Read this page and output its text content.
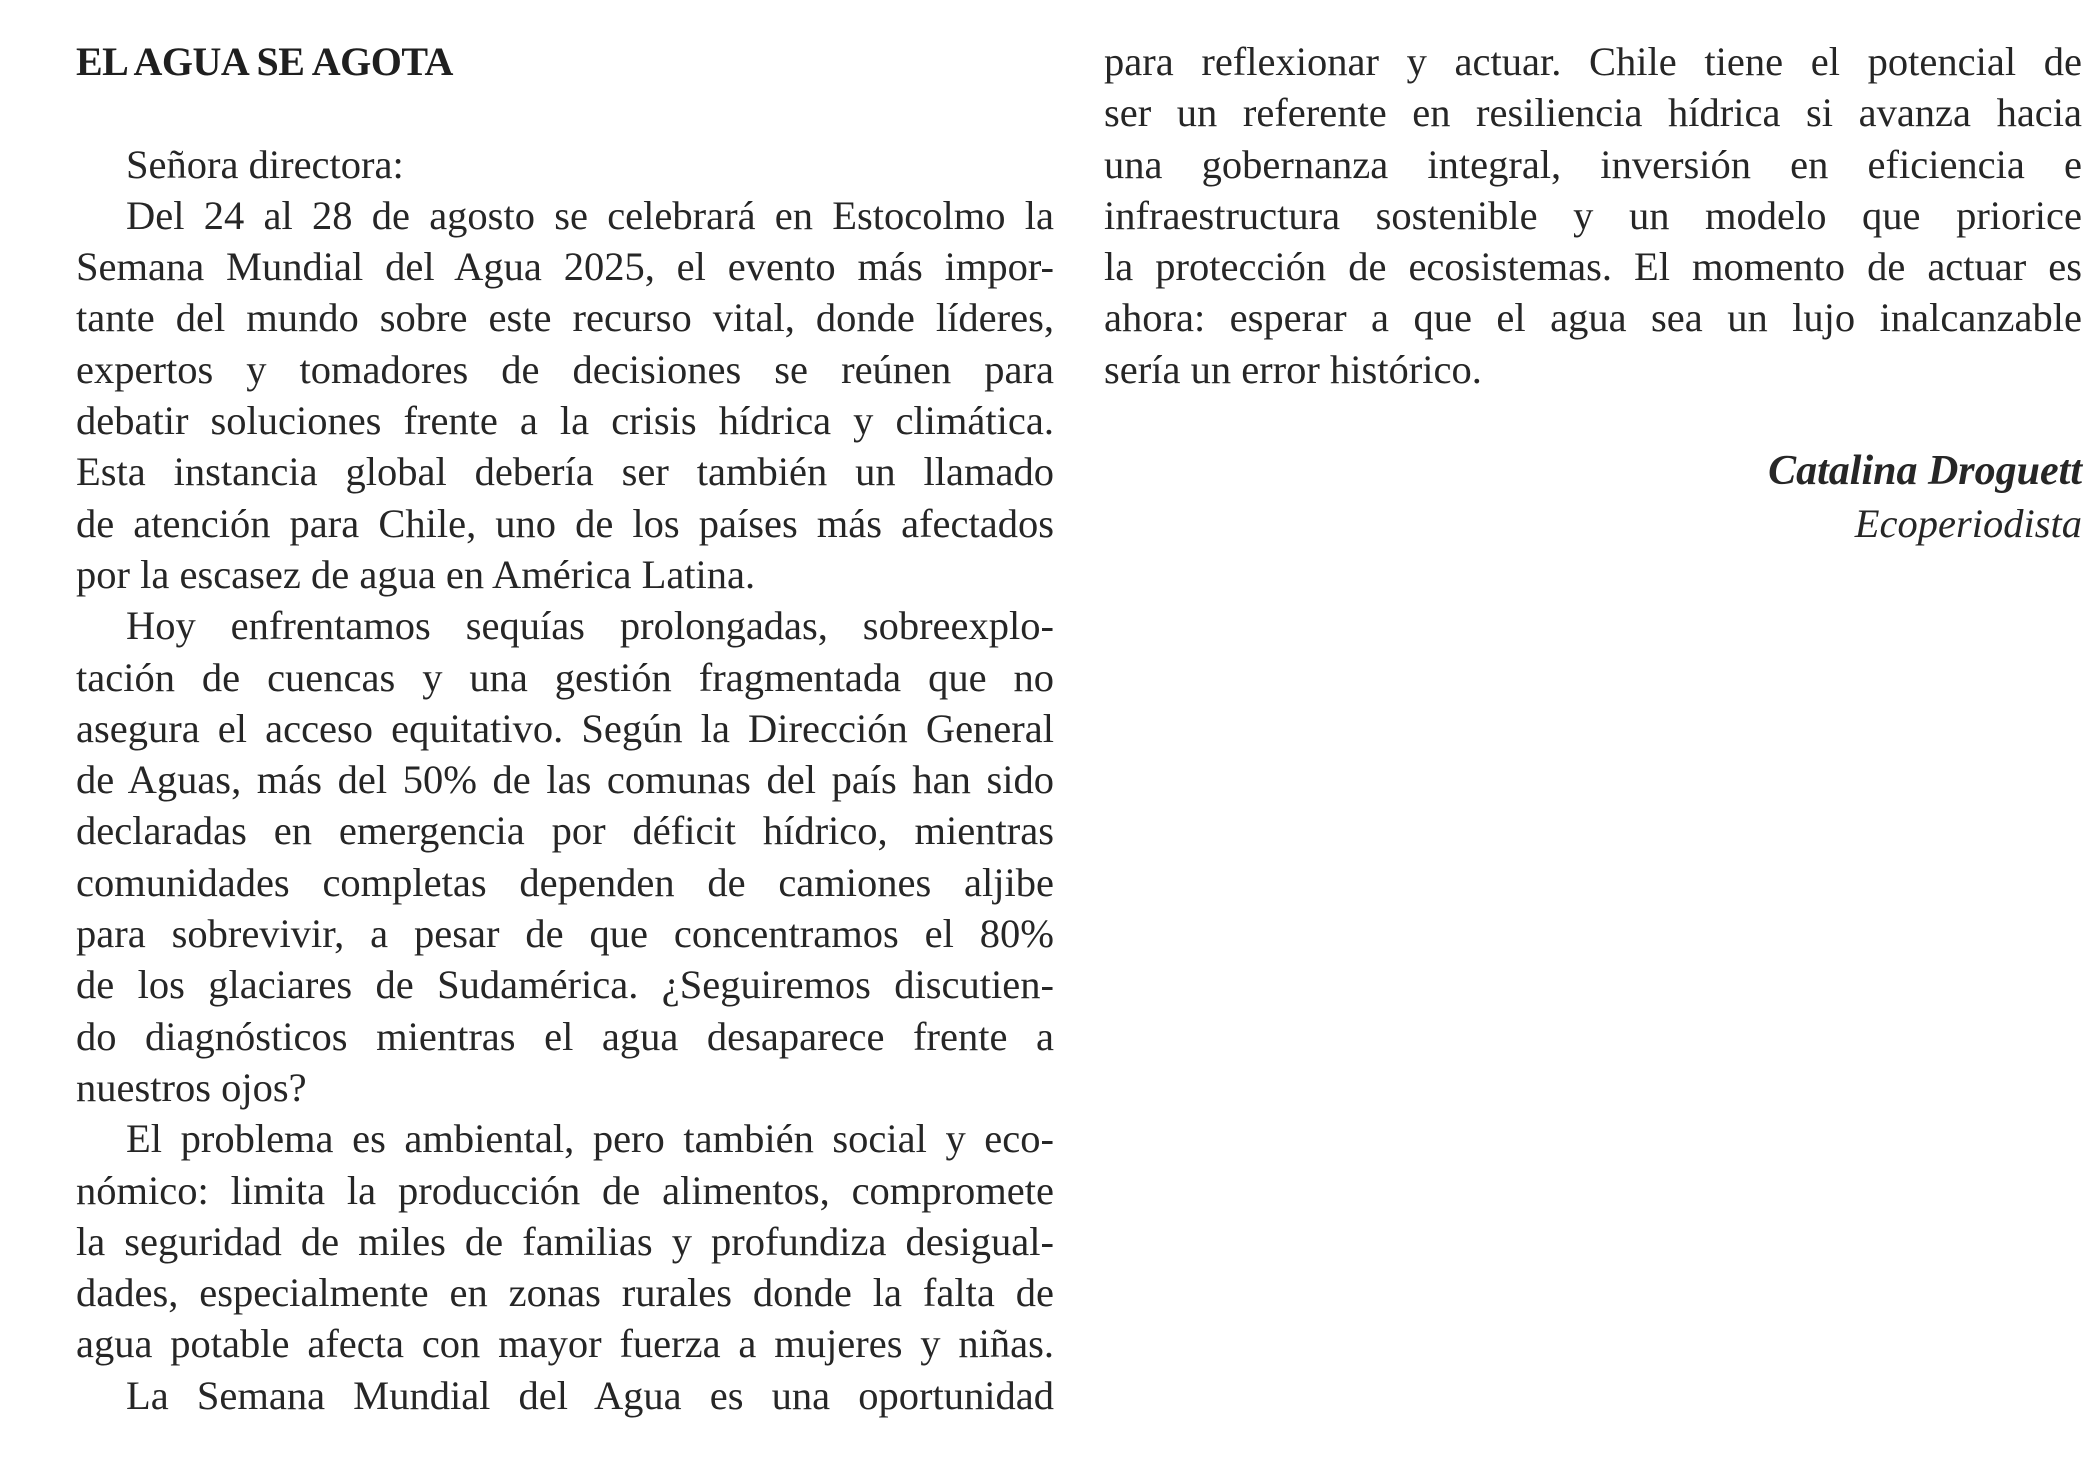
EL AGUA SE AGOTA
Señora directora:
Del 24 al 28 de agosto se celebrará en Estocolmo la
Semana Mundial del Agua 2025, el evento más impor-
tante del mundo sobre este recurso vital, donde líderes,
expertos y tomadores de decisiones se reúnen para
debatir soluciones frente a la crisis hídrica y climática.
Esta instancia global debería ser también un llamado
de atención para Chile, uno de los países más afectados
por la escasez de agua en América Latina.
Hoy enfrentamos sequías prolongadas, sobreexplo-
tación de cuencas y una gestión fragmentada que no
asegura el acceso equitativo. Según la Dirección General
de Aguas, más del 50% de las comunas del país han sido
declaradas en emergencia por déficit hídrico, mientras
comunidades completas dependen de camiones aljibe
para sobrevivir, a pesar de que concentramos el 80%
de los glaciares de Sudamérica. ¿Seguiremos discutien-
do diagnósticos mientras el agua desaparece frente a
nuestros ojos?
El problema es ambiental, pero también social y eco-
nómico: limita la producción de alimentos, compromete
la seguridad de miles de familias y profundiza desigual-
dades, especialmente en zonas rurales donde la falta de
agua potable afecta con mayor fuerza a mujeres y niñas.
La Semana Mundial del Agua es una oportunidad
para reflexionar y actuar. Chile tiene el potencial de
ser un referente en resiliencia hídrica si avanza hacia
una gobernanza integral, inversión en eficiencia e
infraestructura sostenible y un modelo que priorice
la protección de ecosistemas. El momento de actuar es
ahora: esperar a que el agua sea un lujo inalcanzable
sería un error histórico.
Catalina Droguett
Ecoperiodista
